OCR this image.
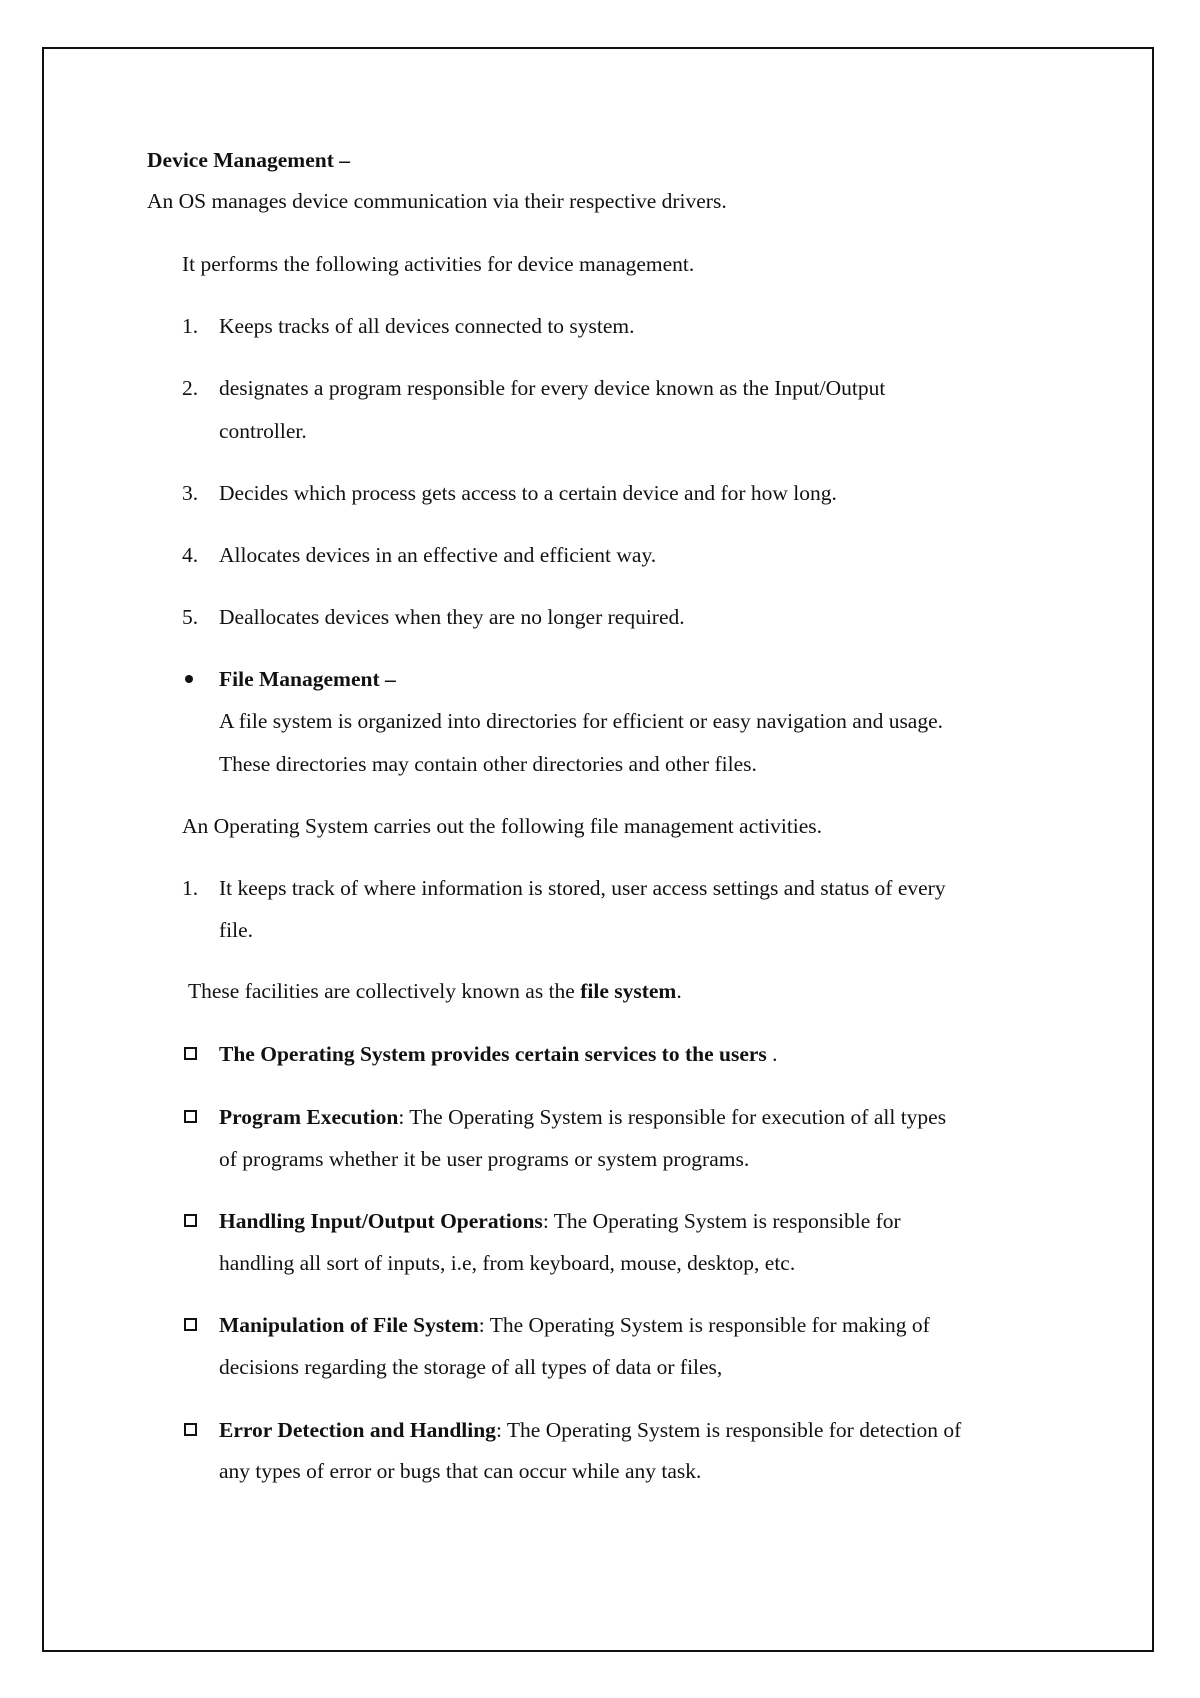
Device Management –
An OS manages device communication via their respective drivers.
It performs the following activities for device management.
1. Keeps tracks of all devices connected to system.
2. designates a program responsible for every device known as the Input/Output
controller.
3. Decides which process gets access to a certain device and for how long.
4. Allocates devices in an effective and efficient way.
5. Deallocates devices when they are no longer required.
File Management –
A file system is organized into directories for efficient or easy navigation and usage.
These directories may contain other directories and other files.
An Operating System carries out the following file management activities.
1. It keeps track of where information is stored, user access settings and status of every
file.
These facilities are collectively known as the file system.
The Operating System provides certain services to the users .
Program Execution: The Operating System is responsible for execution of all types
of programs whether it be user programs or system programs.
Handling Input/Output Operations: The Operating System is responsible for
handling all sort of inputs, i.e, from keyboard, mouse, desktop, etc.
Manipulation of File System: The Operating System is responsible for making of
decisions regarding the storage of all types of data or files,
Error Detection and Handling: The Operating System is responsible for detection of
any types of error or bugs that can occur while any task.
